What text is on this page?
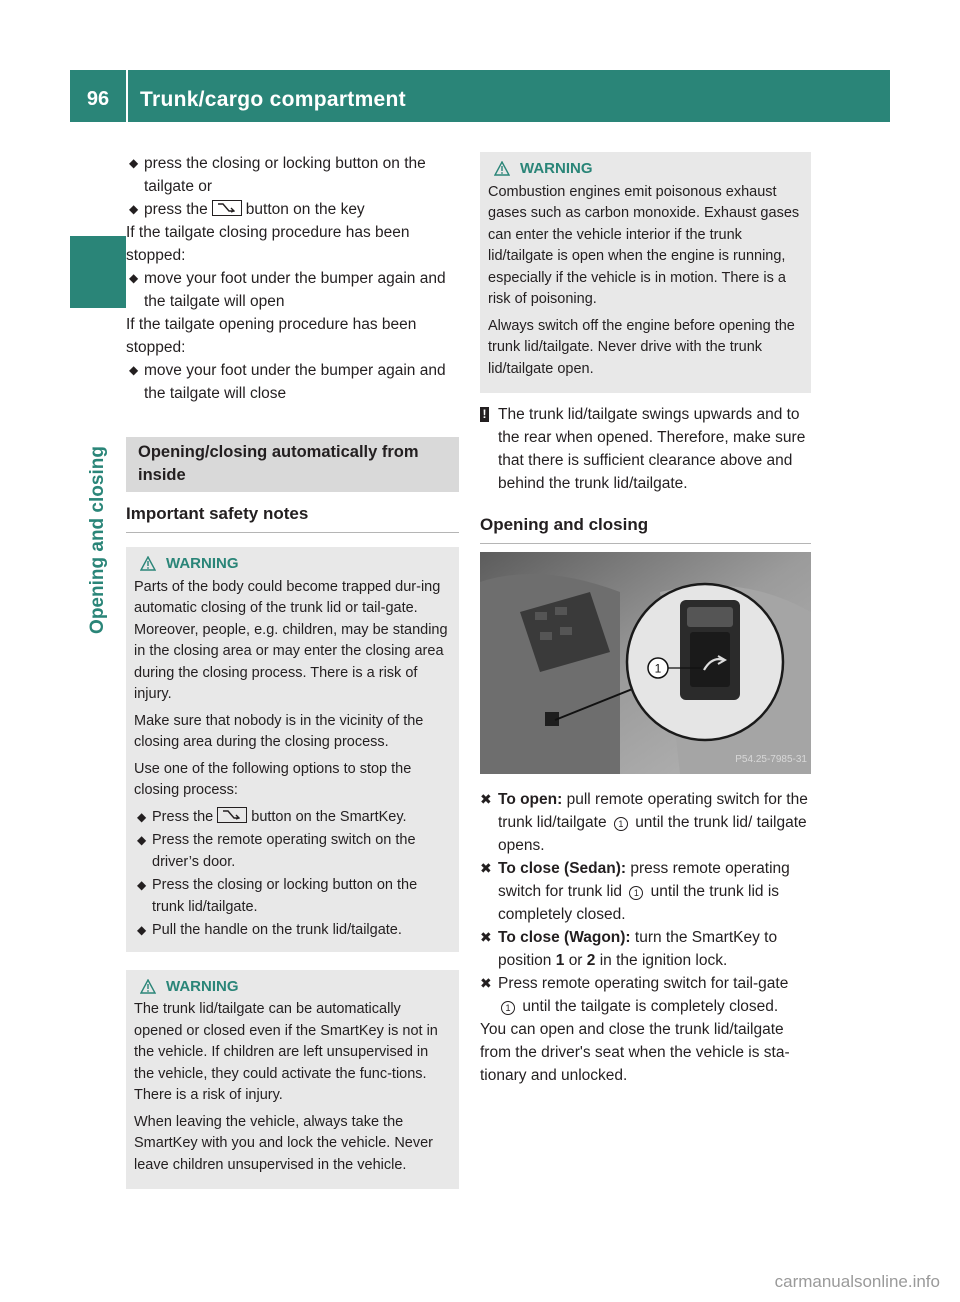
96	Trunk/cargo compartment
Opening and closing
◆ press the closing or locking button on the tailgate or
◆ press the button on the key

If the tailgate closing procedure has been stopped:

◆ move your foot under the bumper again and the tailgate will open

If the tailgate opening procedure has been stopped:

◆ move your foot under the bumper again and the tailgate will close
Opening/closing automatically from inside
Important safety notes
WARNING

Parts of the body could become trapped dur-ing automatic closing of the trunk lid or tail-gate. Moreover, people, e.g. children, may be standing in the closing area or may enter the closing area during the closing process. There is a risk of injury.

Make sure that nobody is in the vicinity of the closing area during the closing process.

Use one of the following options to stop the closing process:

◆ Press the	button on the SmartKey.
◆ Press the remote operating switch on the driver’s door.
◆ Press the closing or locking button on the trunk lid/tailgate.
◆ Pull the handle on the trunk lid/tailgate.
WARNING

The trunk lid/tailgate can be automatically opened or closed even if the SmartKey is not in the vehicle. If children are left unsupervised in the vehicle, they could activate the func-tions. There is a risk of injury.

When leaving the vehicle, always take the SmartKey with you and lock the vehicle. Never leave children unsupervised in the vehicle.

WARNING

Combustion engines emit poisonous exhaust gases such as carbon monoxide. Exhaust gases can enter the vehicle interior if the trunk lid/tailgate is open when the engine is running, especially if the vehicle is in motion. There is a risk of poisoning.

Always switch off the engine before opening the trunk lid/tailgate. Never drive with the trunk lid/tailgate open.

! The trunk lid/tailgate swings upwards and to the rear when opened. Therefore, make sure that there is sufficient clearance above and behind the trunk lid/tailgate.
Opening and closing
1
P54.25-7985-31
✖ To open: pull remote operating switch for the trunk lid/tailgate 1 until the trunk lid/ tailgate opens.
✖ To close (Sedan): press remote operating switch for trunk lid 1 until the trunk lid is completely closed.
✖ To close (Wagon): turn the SmartKey to position 1 or 2 in the ignition lock.
✖ Press remote operating switch for tail-gate 1 until the tailgate is completely closed.

You can open and close the trunk lid/tailgate from the driver's seat when the vehicle is sta-tionary and unlocked.

carmanualsonline.info
